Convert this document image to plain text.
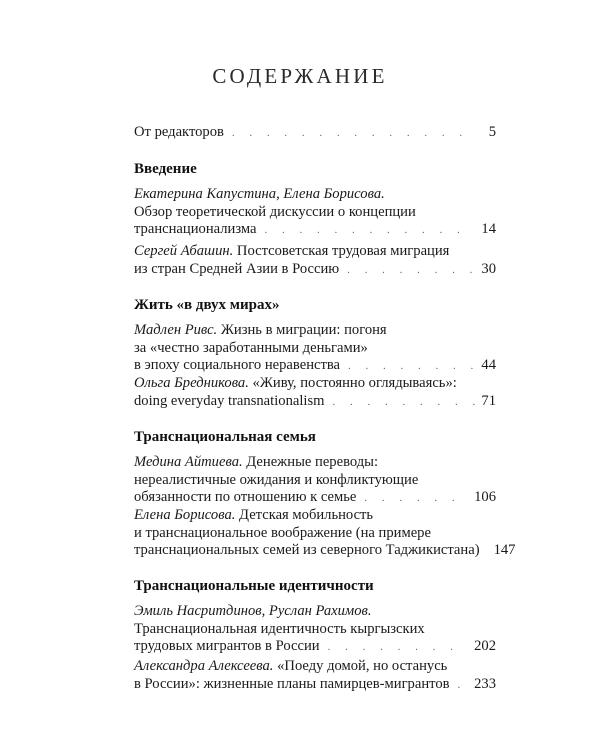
СОДЕРЖАНИЕ
От редакторов . . .	5
Введение
Екатерина Капустина, Елена Борисова.
Обзор теоретической дискуссии о концепции
транснационализма . . .	14
Сергей Абашин. Постсоветская трудовая миграция
из стран Средней Азии в Россию . . .	30
Жить «в двух мирах»
Мадлен Ривс. Жизнь в миграции: погоня
за «честно заработанными деньгами»
в эпоху социального неравенства . . .	44
Ольга Бредникова. «Живу, постоянно оглядываясь»:
doing everyday transnationalism . . .	71
Транснациональная семья
Медина Айтиева. Денежные переводы:
нереалистичные ожидания и конфликтующие
обязанности по отношению к семье . . .	106
Елена Борисова. Детская мобильность
и транснациональное воображение (на примере
транснациональных семей из северного Таджикистана) 147
Транснациональные идентичности
Эмиль Насритдинов, Руслан Рахимов.
Транснациональная идентичность кыргызских
трудовых мигрантов в России . . .	202
Александра Алексеева. «Поеду домой, но останусь
в России»: жизненные планы памирцев-мигрантов . . . 233
